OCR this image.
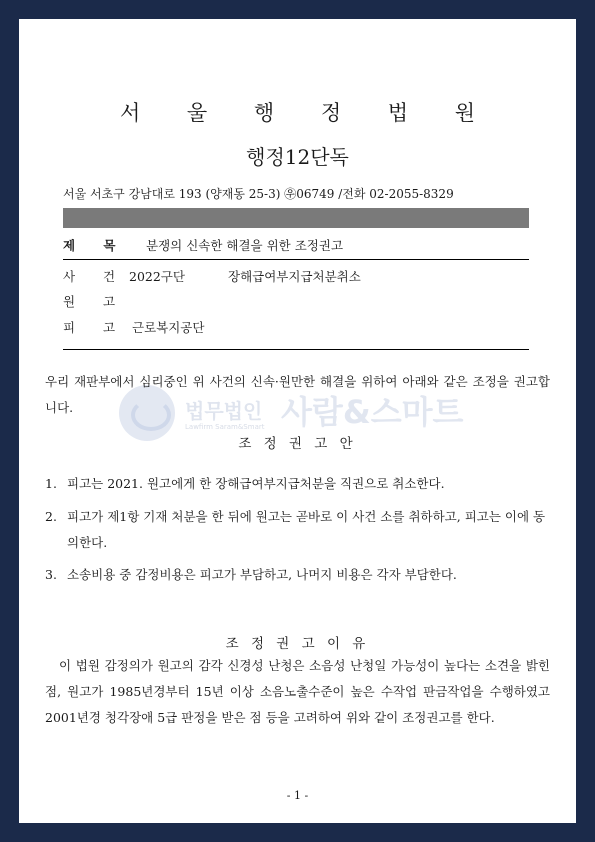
법무법인 사람&스마트
Lawfirm Saram&Smart
서 울 행 정 법 원
행정12단독
서울 서초구 강남대로 193 (양재동 25-3) ㉾06749 /전화 02-2055-8329
제 목 분쟁의 신속한 해결을 위한 조정권고
사 건 2022구단	장해급여부지급처분취소
원 고
피 고 근로복지공단
우리 재판부에서 심리중인 위 사건의 신속·원만한 해결을 위하여 아래와 같은 조정을 권고합니다.
조 정 권 고 안
1. 피고는 2021. 원고에게 한 장해급여부지급처분을 직권으로 취소한다.
2. 피고가 제1항 기재 처분을 한 뒤에 원고는 곧바로 이 사건 소를 취하하고, 피고는 이에 동의한다.
3. 소송비용 중 감정비용은 피고가 부담하고, 나머지 비용은 각자 부담한다.
조 정 권 고 이 유
이 법원 감정의가 원고의 감각 신경성 난청은 소음성 난청일 가능성이 높다는 소견을 밝힌 점, 원고가 1985년경부터 15년 이상 소음노출수준이 높은 수작업 판금작업을 수행하였고 2001년경 청각장애 5급 판정을 받은 점 등을 고려하여 위와 같이 조정권고를 한다.
- 1 -
